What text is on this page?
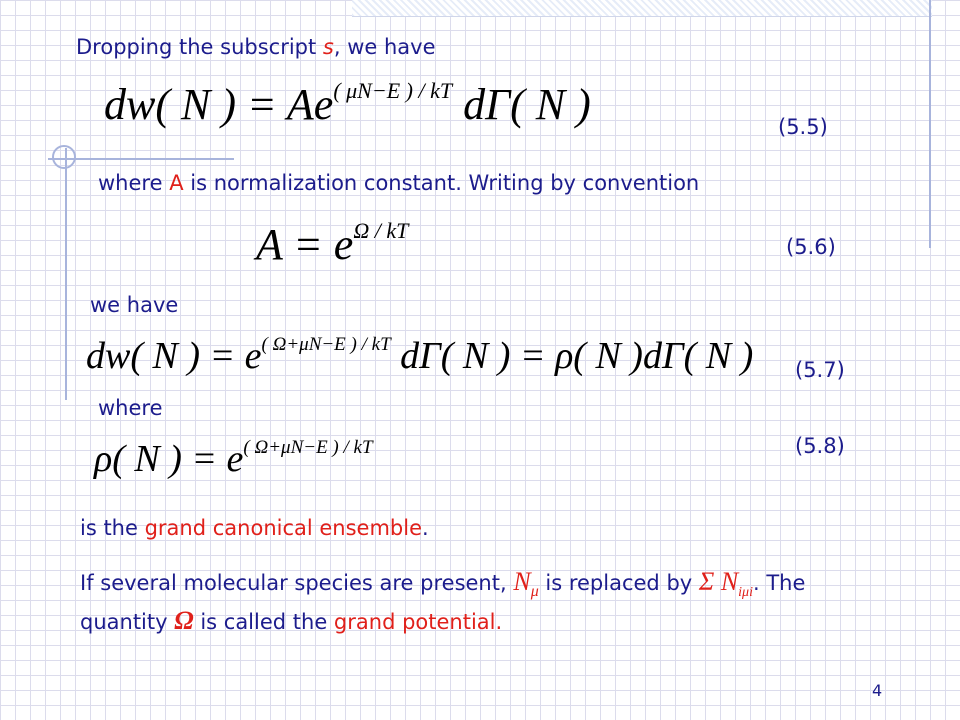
Dropping the subscript s, we have
dw( N ) = $Ae^{( \mu N-E ) / kT}$ dΓ( N )	(5.5)
where A is normalization constant. Writing by convention
$A = e^{\Omega / kT}$
(5.6)
we have
dw( N ) = $e^{( \Omega+\mu N-E ) / kT}$ dΓ( N ) = ρ( N )dΓ( N ) (5.7)
where
ρ( N ) = $e^{( \Omega+\mu N-E ) / kT}$	(5.8)
is the grand canonical ensemble.
If several molecular species are present, $N_\mu$ is replaced by Σ $N_{i\mu i}$. The
quantity Ω is called the grand potential.
4
